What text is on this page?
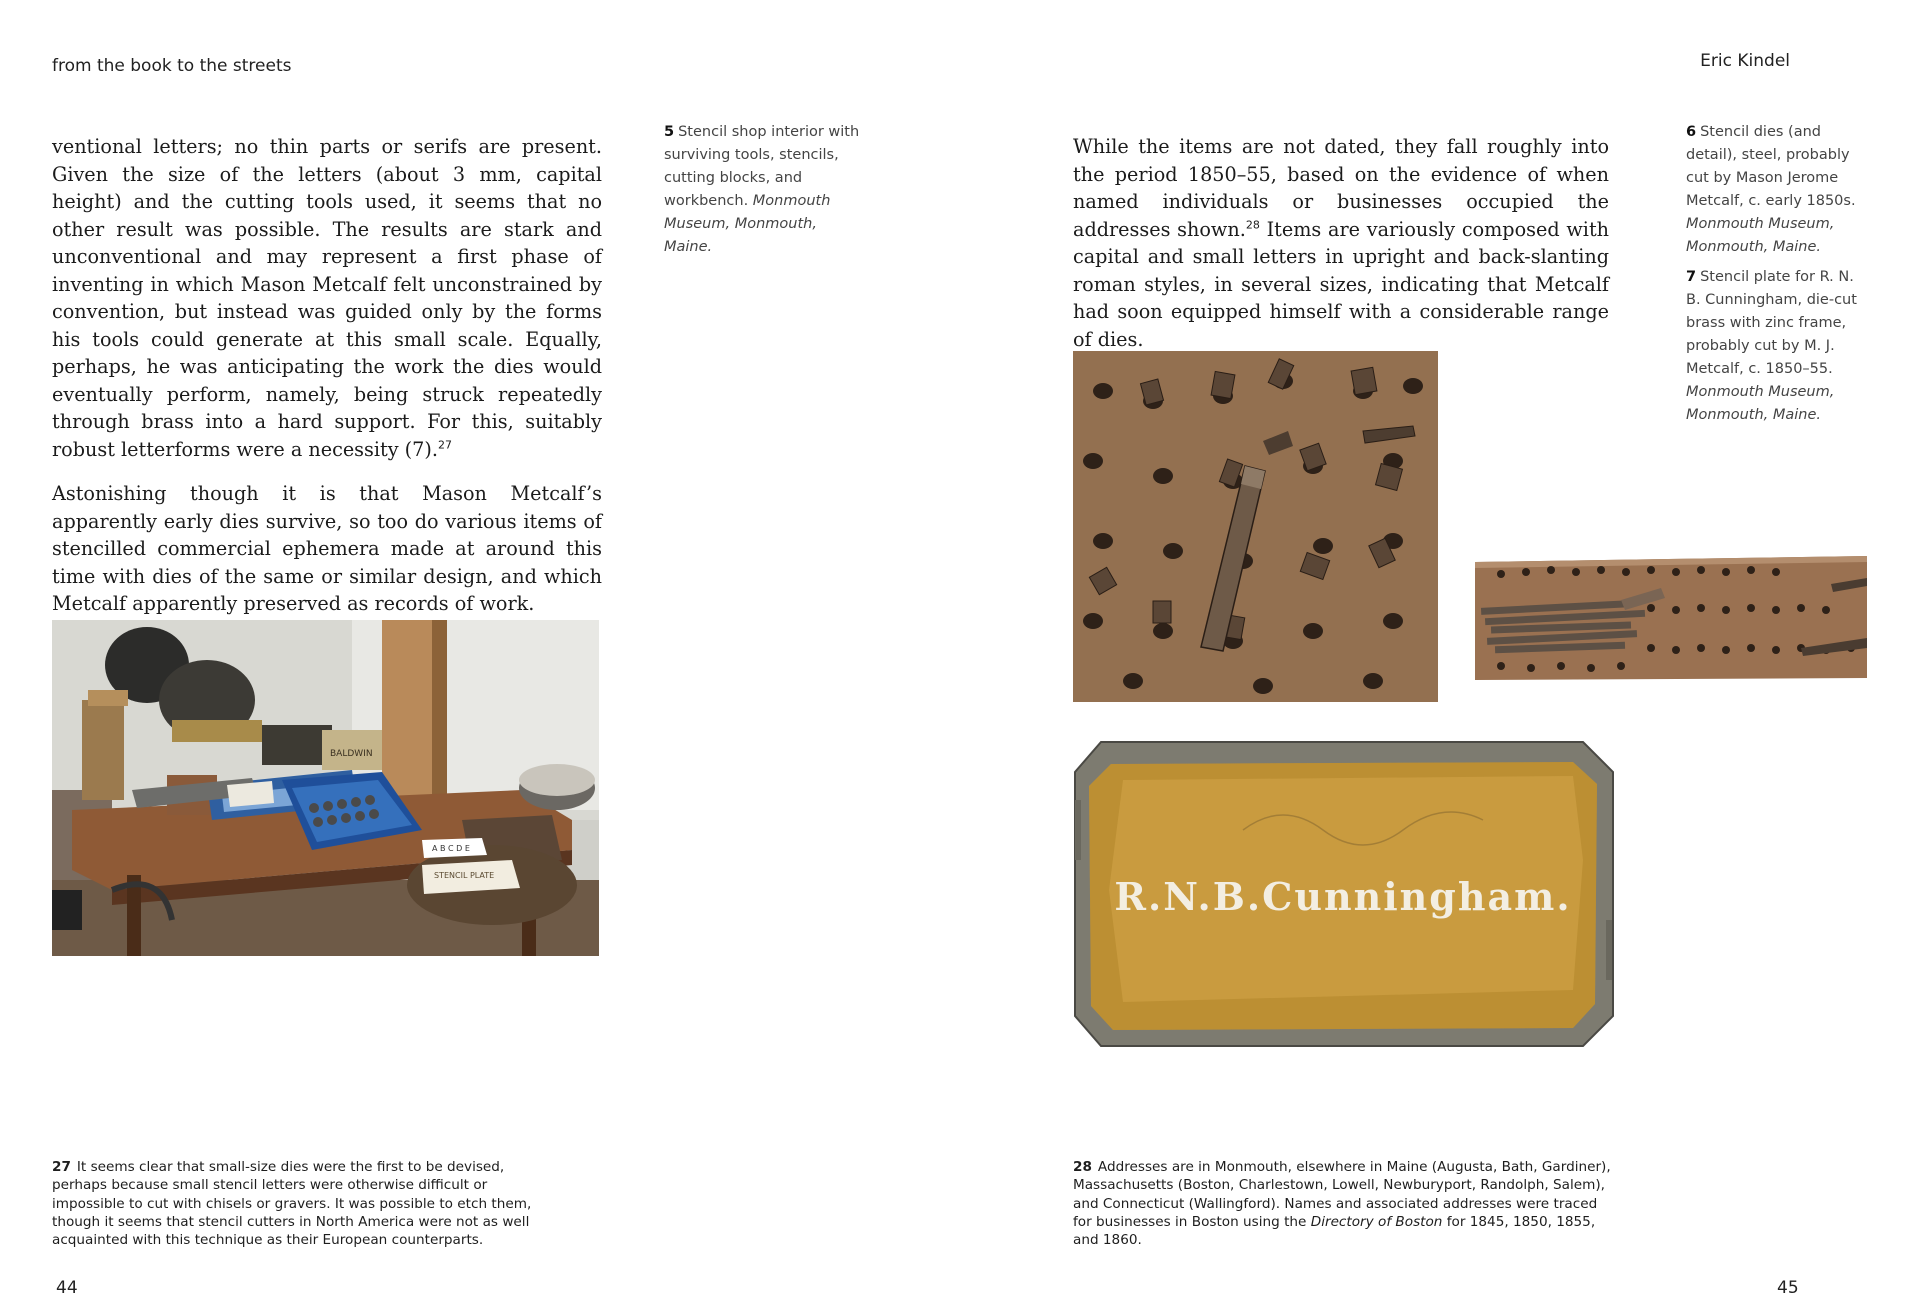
from the book to the streets

ventional letters; no thin parts or serifs are present. Given the size of the letters (about 3 mm, capital height) and the cutting tools used, it seems that no other result was possible. The results are stark and unconventional and may represent a first phase of inventing in which Mason Metcalf felt unconstrained by convention, but instead was guided only by the forms his tools could generate at this small scale. Equally, perhaps, he was anticipating the work the dies would eventually perform, namely, being struck repeatedly through brass into a hard support. For this, suitably robust letterforms were a necessity (7).$^{27}$

Astonishing though it is that Mason Metcalf’s apparently early dies survive, so too do various items of stencilled commercial ephemera made at around this time with dies of the same or similar design, and which Metcalf apparently preserved as records of work.

5 Stencil shop interior with surviving tools, stencils, cutting blocks, and workbench. Monmouth Museum, Monmouth, Maine.
BALDWIN
A B C D E
STENCIL PLATE
27 It seems clear that small-size dies were the first to be devised, perhaps because small stencil letters were otherwise difficult or impossible to cut with chisels or gravers. It was possible to etch them, though it seems that stencil cutters in North America were not as well acquainted with this technique as their European counterparts.
44
Eric Kindel

While the items are not dated, they fall roughly into the period 1850–55, based on the evidence of when named individuals or businesses occupied the addresses shown.$^{28}$ Items are variously composed with capital and small letters in upright and back-slanting roman styles, in several sizes, indicating that Metcalf had soon equipped himself with a considerable range of dies.

6 Stencil dies (and detail), steel, probably cut by Mason Jerome Metcalf, c. early 1850s. Monmouth Museum, Monmouth, Maine.
7 Stencil plate for R. N. B. Cunningham, die-cut brass with zinc frame, probably cut by M. J. Metcalf, c. 1850–55. Monmouth Museum, Monmouth, Maine.
R.N.B.Cunningham.
28 Addresses are in Monmouth, elsewhere in Maine (Augusta, Bath, Gardiner), Massachusetts (Boston, Charlestown, Lowell, Newburyport, Randolph, Salem), and Connecticut (Wallingford). Names and associated addresses were traced for businesses in Boston using the Directory of Boston for 1845, 1850, 1855, and 1860.
45
